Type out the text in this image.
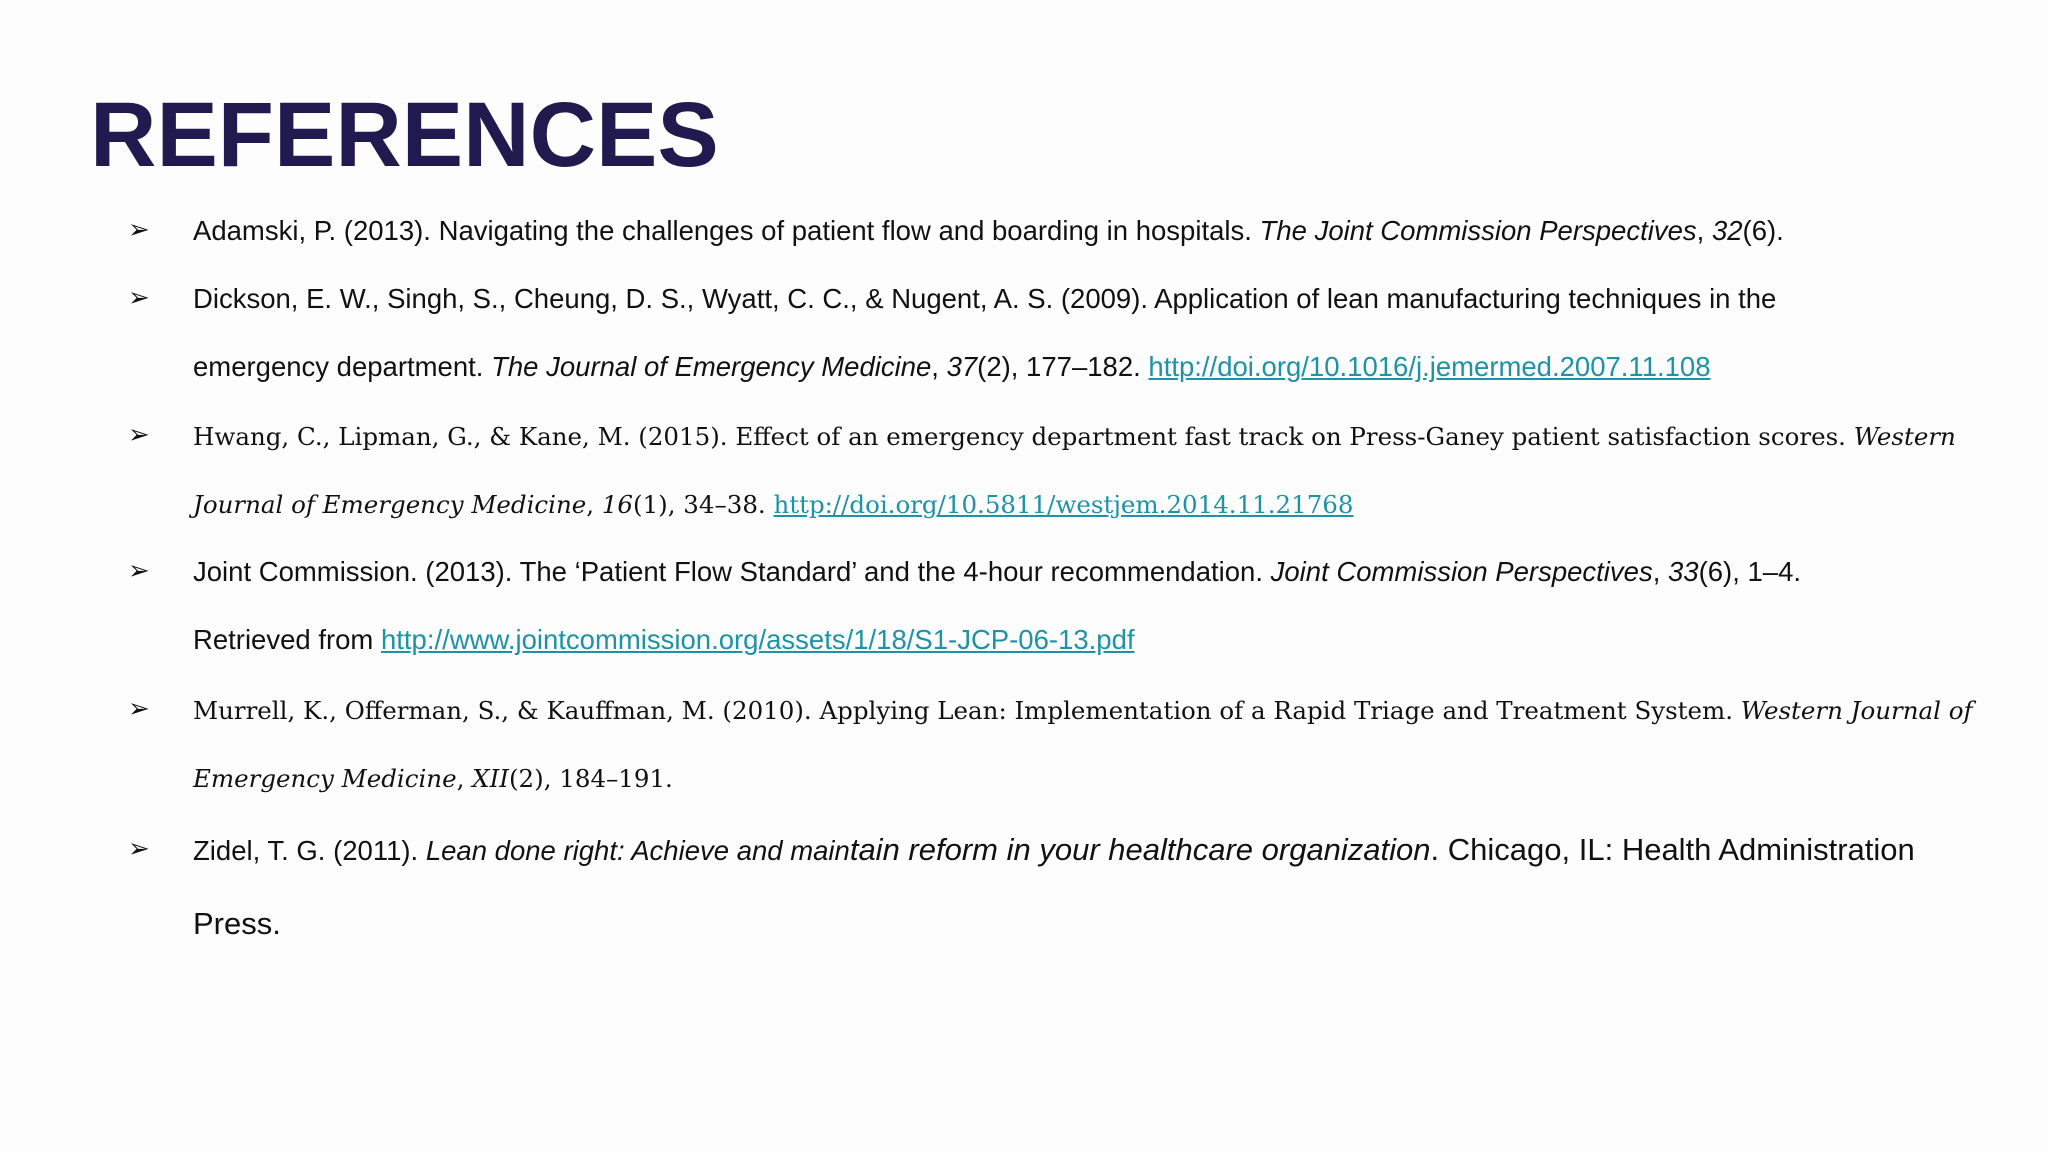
REFERENCES
➢ Adamski, P. (2013). Navigating the challenges of patient flow and boarding in hospitals. The Joint Commission Perspectives, 32(6).
➢ Dickson, E. W., Singh, S., Cheung, D. S., Wyatt, C. C., & Nugent, A. S. (2009). Application of lean manufacturing techniques in the
emergency department. The Journal of Emergency Medicine, 37(2), 177–182. http://doi.org/10.1016/j.jemermed.2007.11.108
➢ Hwang, C., Lipman, G., & Kane, M. (2015). Effect of an emergency department fast track on Press-Ganey patient satisfaction scores. Western
Journal of Emergency Medicine, 16(1), 34–38. http://doi.org/10.5811/westjem.2014.11.21768
➢ Joint Commission. (2013). The ‘Patient Flow Standard’ and the 4-hour recommendation. Joint Commission Perspectives, 33(6), 1–4.
Retrieved from http://www.jointcommission.org/assets/1/18/S1-JCP-06-13.pdf
➢ Murrell, K., Offerman, S., & Kauffman, M. (2010). Applying Lean: Implementation of a Rapid Triage and Treatment System. Western Journal of
Emergency Medicine, XII(2), 184–191.
➢ Zidel, T. G. (2011). Lean done right: Achieve and maintain reform in your healthcare organization. Chicago, IL: Health Administration
Press.
